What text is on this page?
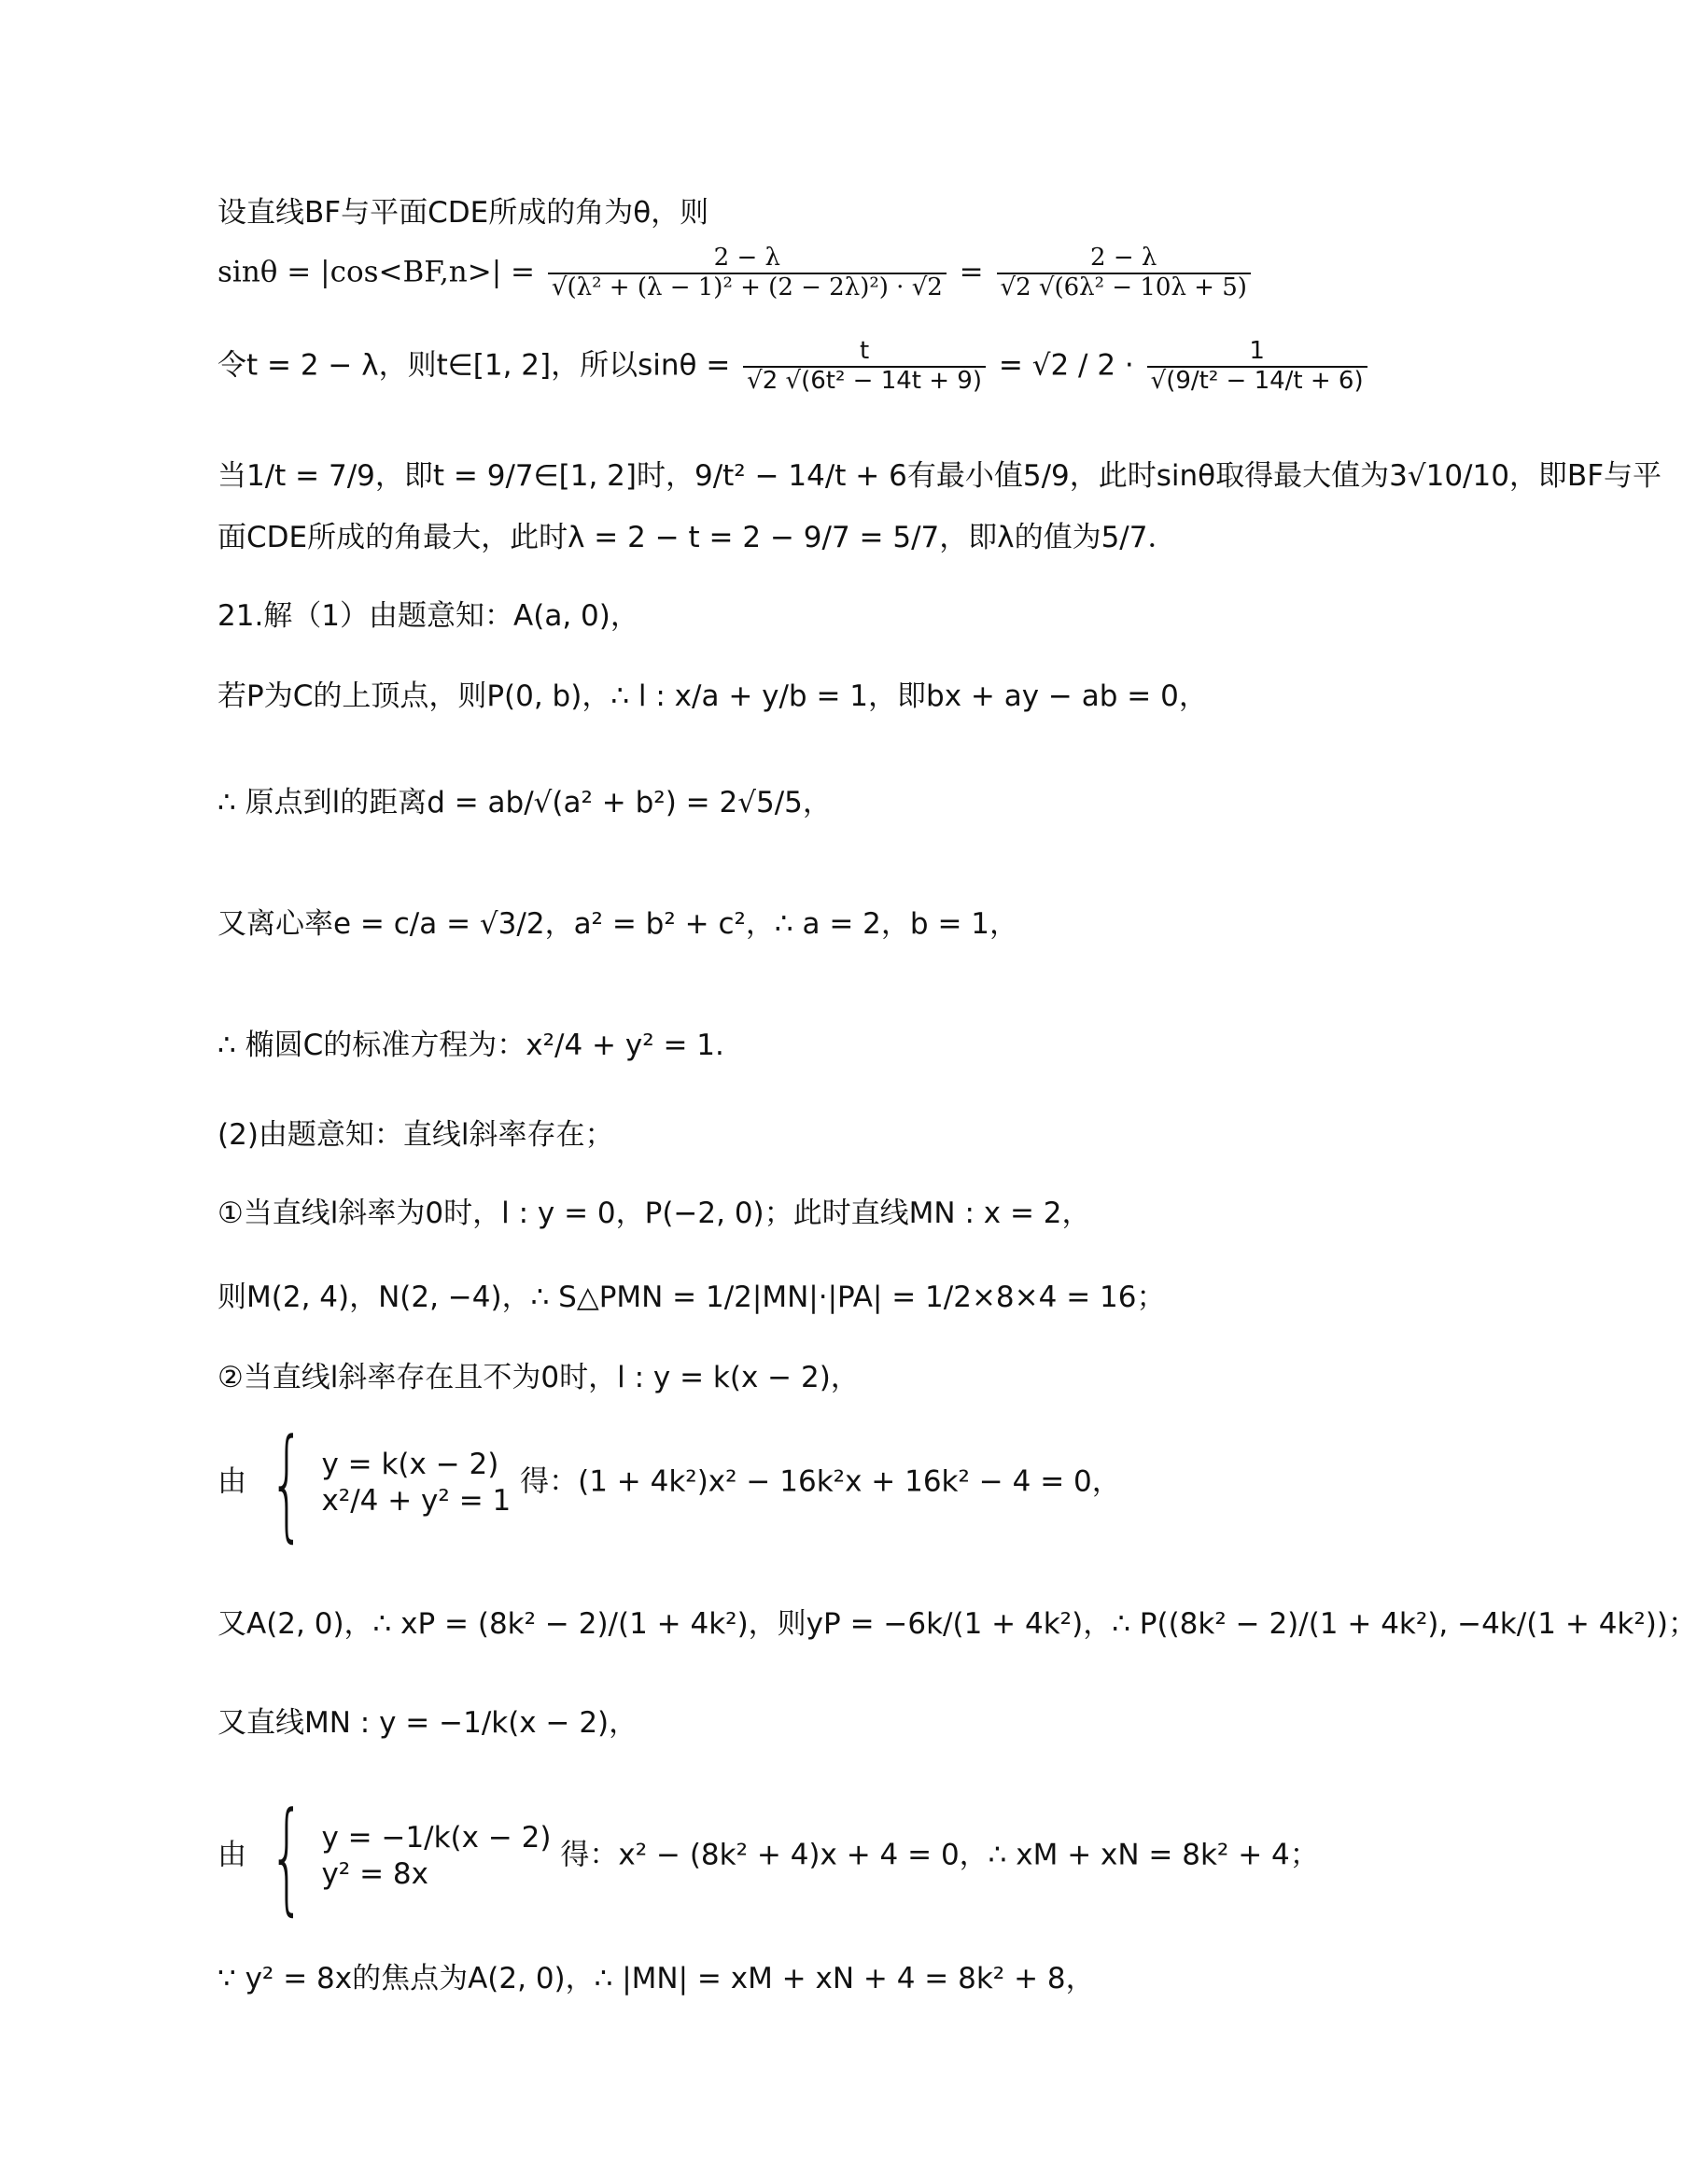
设直线BF与平面CDE所成的角为θ，则
$\sin\theta = |\cos<BF,n>| = \frac{2 - \lambda}{\text{√(λ² + (λ − 1)² + (2 − 2λ)²) · √2}} = \frac{2 - \lambda}{\text{√2 √(6λ² − 10λ + 5)}}$
令t = 2 − λ，则t∈[1, 2]，所以$\sin\theta = \frac{t}{\text{√2 √(6t² − 14t + 9)}} = √2 / 2 \cdot \frac{1}{\text{√(9/t² − 14/t + 6)}}$
当1/t = 7/9，即t = 9/7∈[1, 2]时，9/t² − 14/t + 6有最小值5/9，此时sinθ取得最大值为3√10/10，即BF与平
面CDE所成的角最大，此时λ = 2 − t = 2 − 9/7 = 5/7，即λ的值为5/7．
21.解（1）由题意知：A(a, 0)，
若P为C的上顶点，则P(0, b)，∴ l : x/a + y/b = 1，即bx + ay − ab = 0，
∴ 原点到l的距离d = ab/√(a² + b²) = 2√5/5，
又离心率e = c/a = √3/2，a² = b² + c²，∴ a = 2，b = 1，
∴ 椭圆C的标准方程为：x²/4 + y² = 1.
(2)由题意知：直线l斜率存在；
①当直线l斜率为0时，l : y = 0，P(−2, 0)；此时直线MN : x = 2，
则M(2, 4)，N(2, −4)，∴ S△PMN = 1/2|MN|·|PA| = 1/2×8×4 = 16；
②当直线l斜率存在且不为0时，l : y = k(x − 2)，
由 { y = k(x − 2)
x²/4 + y² = 1
得：(1 + 4k²)x² − 16k²x + 16k² − 4 = 0，
又A(2, 0)，∴ xP = (8k² − 2)/(1 + 4k²)，则yP = −6k/(1 + 4k²)，∴ P((8k² − 2)/(1 + 4k²), −4k/(1 + 4k²))；
又直线MN : y = −1/k(x − 2)，
由 { y = −1/k(x − 2)
y² = 8x
得：x² − (8k² + 4)x + 4 = 0，∴ xM + xN = 8k² + 4；
∵ y² = 8x的焦点为A(2, 0)，∴ |MN| = xM + xN + 4 = 8k² + 8，
